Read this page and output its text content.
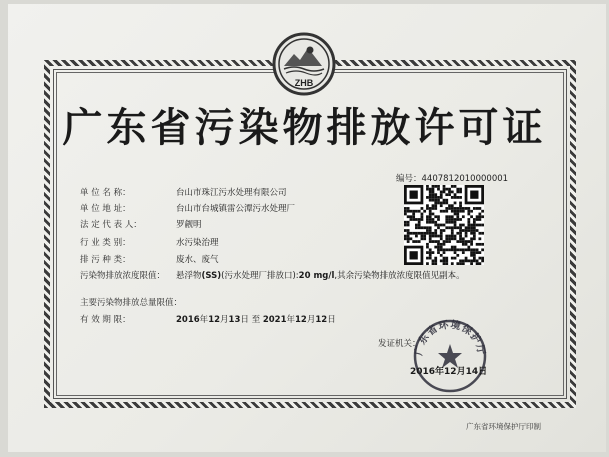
ZHB
广东省污染物排放许可证
编号：4407812010000001
单 位 名 称：	台山市珠江污水处理有限公司
单 位 地 址：	台山市台城镇雷公潭污水处理厂
法 定 代 表 人：	罗觎明
行 业 类 别：	水污染治理
排 污 种 类：	废水、废气
污染物排放浓度限值： 悬浮物(SS)(污水处理厂排放口):20 mg/l,其余污染物排放浓度限值见副本。
主要污染物排放总量限值：
有 效 期 限：	2016年12月13日 至 2021年12月12日
发证机关：
广东省环境保护厅
2016年12月14日
广东省环境保护厅印制
